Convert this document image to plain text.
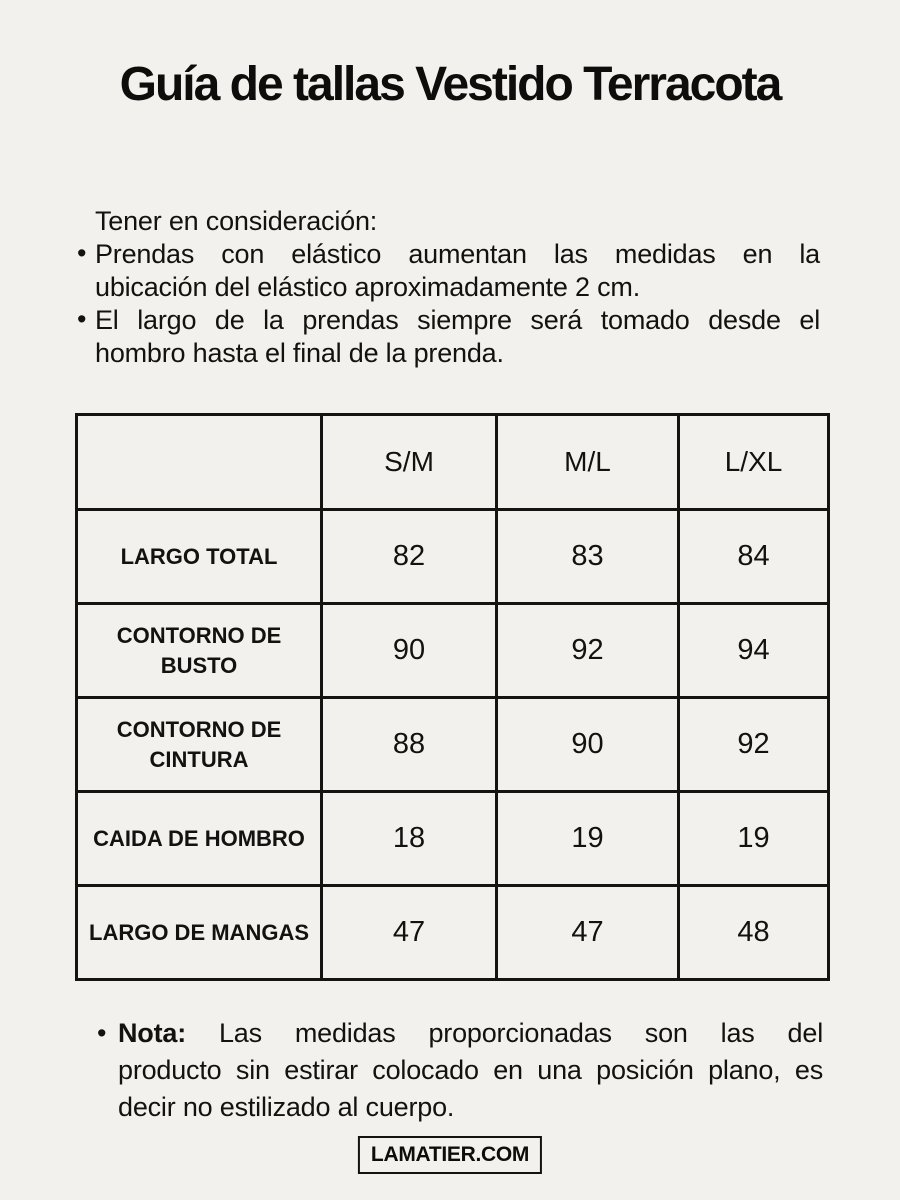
Guía de tallas Vestido Terracota
Tener en consideración:
• Prendas con elástico aumentan las medidas en la
ubicación del elástico aproximadamente 2 cm.
• El largo de la prendas siempre será tomado desde el
hombro hasta el final de la prenda.
	S/M	M/L	L/XL
LARGO TOTAL	82	83	84
CONTORNO DE BUSTO	90	92	94
CONTORNO DE CINTURA	88	90	92
CAIDA DE HOMBRO	18	19	19
LARGO DE MANGAS	47	47	48
• Nota: Las medidas proporcionadas son las del
producto sin estirar colocado en una posición plano, es
decir no estilizado al cuerpo.
LAMATIER.COM
